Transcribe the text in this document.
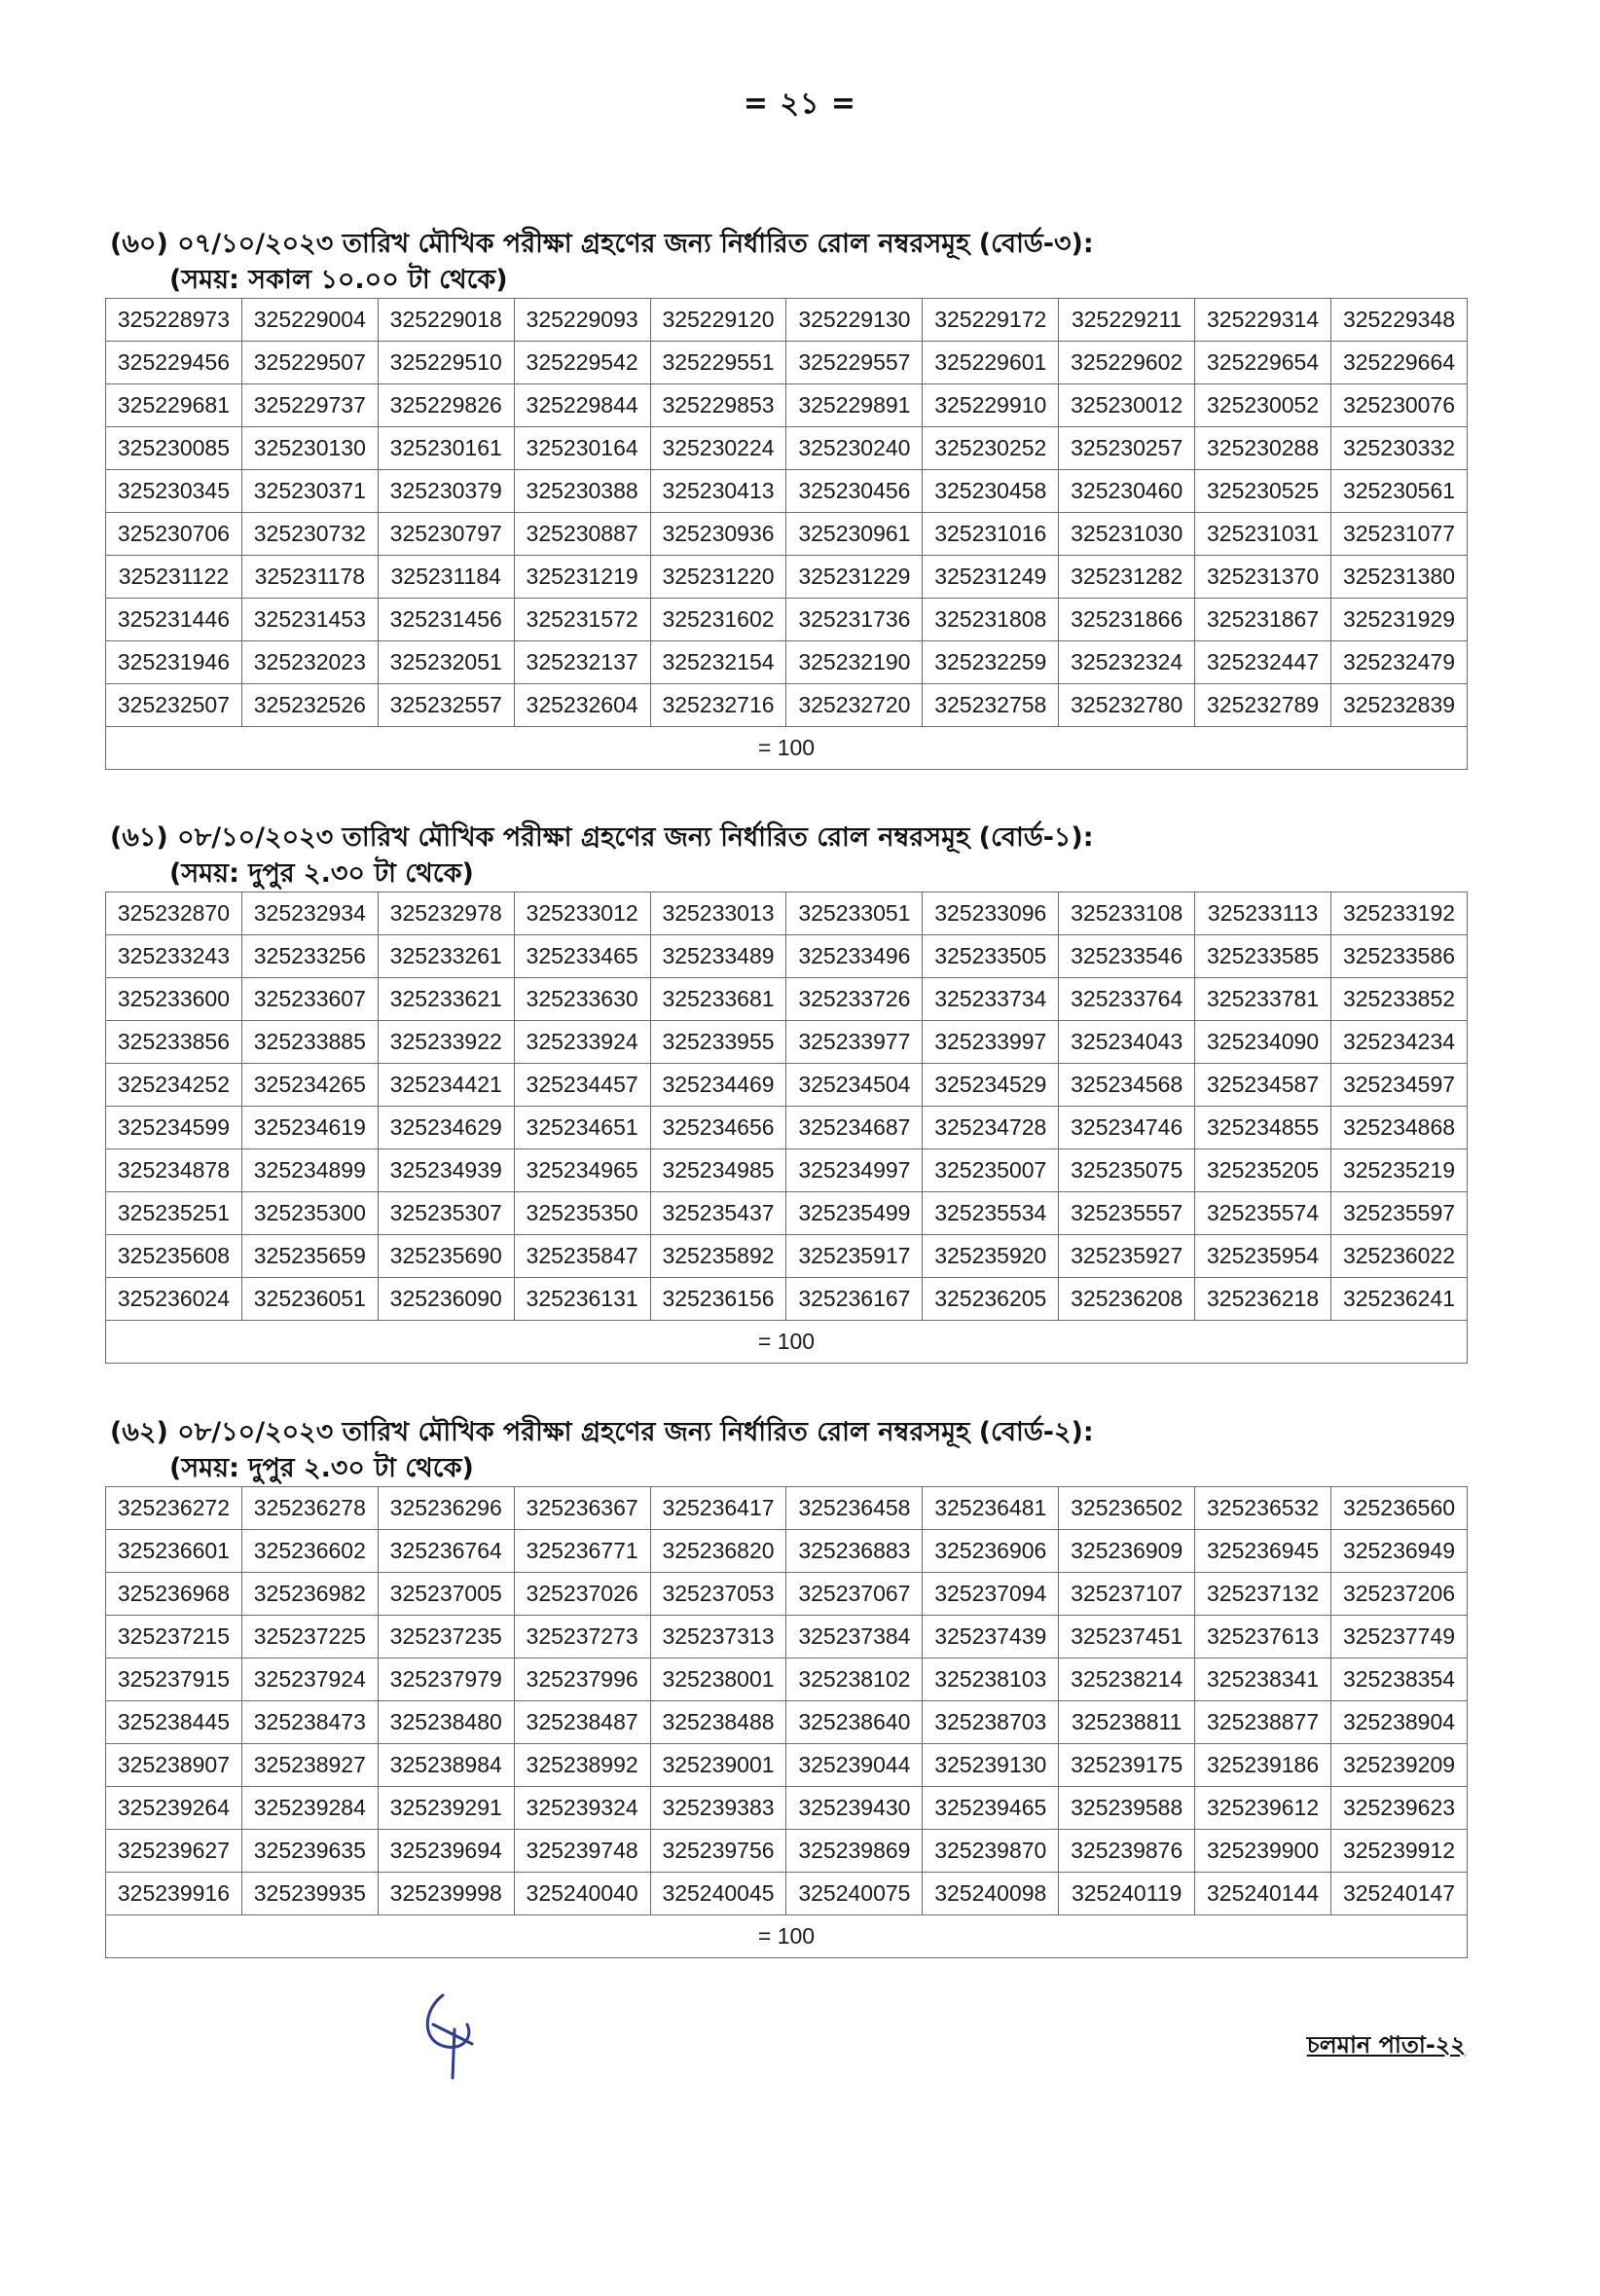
= ২১ =
(৬০) ০৭/১০/২০২৩ তারিখ মৌখিক পরীক্ষা গ্রহণের জন্য নির্ধারিত রোল নম্বরসমূহ (বোর্ড-৩):
(সময়: সকাল ১০.০০ টা থেকে)
325228973	325229004	325229018	325229093	325229120	325229130	325229172	325229211	325229314	325229348
325229456	325229507	325229510	325229542	325229551	325229557	325229601	325229602	325229654	325229664
325229681	325229737	325229826	325229844	325229853	325229891	325229910	325230012	325230052	325230076
325230085	325230130	325230161	325230164	325230224	325230240	325230252	325230257	325230288	325230332
325230345	325230371	325230379	325230388	325230413	325230456	325230458	325230460	325230525	325230561
325230706	325230732	325230797	325230887	325230936	325230961	325231016	325231030	325231031	325231077
325231122	325231178	325231184	325231219	325231220	325231229	325231249	325231282	325231370	325231380
325231446	325231453	325231456	325231572	325231602	325231736	325231808	325231866	325231867	325231929
325231946	325232023	325232051	325232137	325232154	325232190	325232259	325232324	325232447	325232479
325232507	325232526	325232557	325232604	325232716	325232720	325232758	325232780	325232789	325232839
= 100									
(৬১) ০৮/১০/২০২৩ তারিখ মৌখিক পরীক্ষা গ্রহণের জন্য নির্ধারিত রোল নম্বরসমূহ (বোর্ড-১):
(সময়: দুপুর ২.৩০ টা থেকে)
325232870	325232934	325232978	325233012	325233013	325233051	325233096	325233108	325233113	325233192
325233243	325233256	325233261	325233465	325233489	325233496	325233505	325233546	325233585	325233586
325233600	325233607	325233621	325233630	325233681	325233726	325233734	325233764	325233781	325233852
325233856	325233885	325233922	325233924	325233955	325233977	325233997	325234043	325234090	325234234
325234252	325234265	325234421	325234457	325234469	325234504	325234529	325234568	325234587	325234597
325234599	325234619	325234629	325234651	325234656	325234687	325234728	325234746	325234855	325234868
325234878	325234899	325234939	325234965	325234985	325234997	325235007	325235075	325235205	325235219
325235251	325235300	325235307	325235350	325235437	325235499	325235534	325235557	325235574	325235597
325235608	325235659	325235690	325235847	325235892	325235917	325235920	325235927	325235954	325236022
325236024	325236051	325236090	325236131	325236156	325236167	325236205	325236208	325236218	325236241
= 100									
(৬২) ০৮/১০/২০২৩ তারিখ মৌখিক পরীক্ষা গ্রহণের জন্য নির্ধারিত রোল নম্বরসমূহ (বোর্ড-২):
(সময়: দুপুর ২.৩০ টা থেকে)
325236272	325236278	325236296	325236367	325236417	325236458	325236481	325236502	325236532	325236560
325236601	325236602	325236764	325236771	325236820	325236883	325236906	325236909	325236945	325236949
325236968	325236982	325237005	325237026	325237053	325237067	325237094	325237107	325237132	325237206
325237215	325237225	325237235	325237273	325237313	325237384	325237439	325237451	325237613	325237749
325237915	325237924	325237979	325237996	325238001	325238102	325238103	325238214	325238341	325238354
325238445	325238473	325238480	325238487	325238488	325238640	325238703	325238811	325238877	325238904
325238907	325238927	325238984	325238992	325239001	325239044	325239130	325239175	325239186	325239209
325239264	325239284	325239291	325239324	325239383	325239430	325239465	325239588	325239612	325239623
325239627	325239635	325239694	325239748	325239756	325239869	325239870	325239876	325239900	325239912
325239916	325239935	325239998	325240040	325240045	325240075	325240098	325240119	325240144	325240147
= 100									
চলমান পাতা-২২
